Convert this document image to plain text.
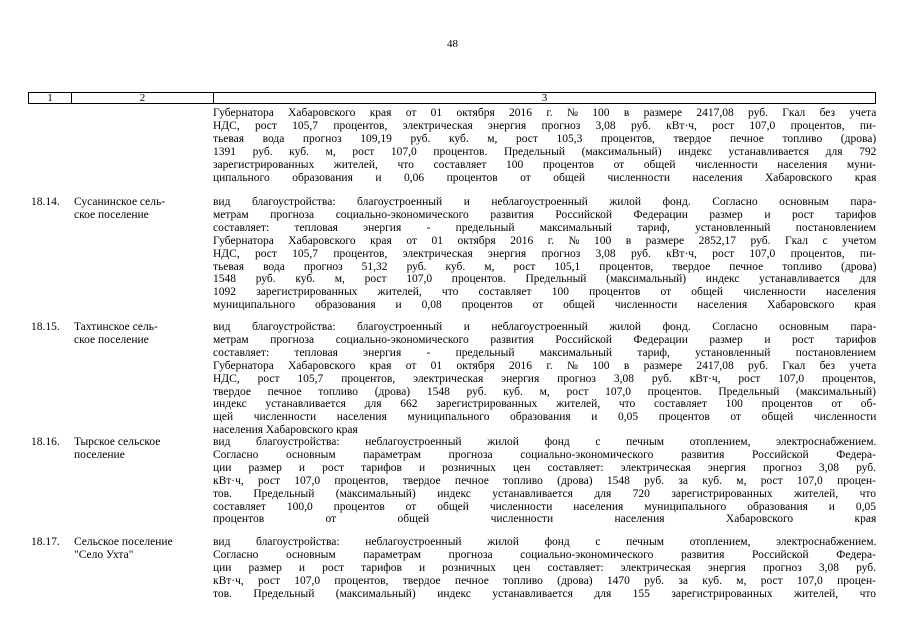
48
1	2	3
Губернатора Хабаровского края от 01 октября 2016 г. № 100 в размере 2417,08 руб. Гкал без учета
НДС, рост 105,7 процентов, электрическая энергия прогноз 3,08 руб. кВт·ч, рост 107,0 процентов, пи-
тьевая вода прогноз 109,19 руб. куб. м, рост 105,3 процентов, твердое печное топливо (дрова)
1391 руб. куб. м, рост 107,0 процентов. Предельный (максимальный) индекс устанавливается для 792
зарегистрированных жителей, что составляет 100 процентов от общей численности населения муни-
ципального образования и 0,06 процентов от общей численности населения Хабаровского края
18.14. Сусанинское сель-
ское поселение
вид благоустройства: благоустроенный и неблагоустроенный жилой фонд. Согласно основным пара-
метрам прогноза социально-экономического развития Российской Федерации размер и рост тарифов
составляет: тепловая энергия - предельный максимальный тариф, установленный постановлением
Губернатора Хабаровского края от 01 октября 2016 г. № 100 в размере 2852,17 руб. Гкал с учетом
НДС, рост 105,7 процентов, электрическая энергия прогноз 3,08 руб. кВт·ч, рост 107,0 процентов, пи-
тьевая вода прогноз 51,32 руб. куб. м, рост 105,1 процентов, твердое печное топливо (дрова)
1548 руб. куб. м, рост 107,0 процентов. Предельный (максимальный) индекс устанавливается для
1092 зарегистрированных жителей, что составляет 100 процентов от общей численности населения
муниципального образования и 0,08 процентов от общей численности населения Хабаровского края
18.15. Тахтинское сель-
ское поселение
вид благоустройства: благоустроенный и неблагоустроенный жилой фонд. Согласно основным пара-
метрам прогноза социально-экономического развития Российской Федерации размер и рост тарифов
составляет: тепловая энергия - предельный максимальный тариф, установленный постановлением
Губернатора Хабаровского края от 01 октября 2016 г. № 100 в размере 2417,08 руб. Гкал без учета
НДС, рост 105,7 процентов, электрическая энергия прогноз 3,08 руб. кВт·ч, рост 107,0 процентов,
твердое печное топливо (дрова) 1548 руб. куб. м, рост 107,0 процентов. Предельный (максимальный)
индекс устанавливается для 662 зарегистрированных жителей, что составляет 100 процентов от об-
щей численности населения муниципального образования и 0,05 процентов от общей численности
населения Хабаровского края
18.16. Тырское сельское
поселение
вид благоустройства: неблагоустроенный жилой фонд с печным отоплением, электроснабжением.
Согласно основным параметрам прогноза социально-экономического развития Российской Федера-
ции размер и рост тарифов и розничных цен составляет: электрическая энергия прогноз 3,08 руб.
кВт·ч, рост 107,0 процентов, твердое печное топливо (дрова) 1548 руб. за куб. м, рост 107,0 процен-
тов. Предельный (максимальный) индекс устанавливается для 720 зарегистрированных жителей, что
составляет 100,0 процентов от общей численности населения муниципального образования и 0,05
процентов от общей численности населения Хабаровского края
18.17. Сельское поселение
"Село Ухта"
вид благоустройства: неблагоустроенный жилой фонд с печным отоплением, электроснабжением.
Согласно основным параметрам прогноза социально-экономического развития Российской Федера-
ции размер и рост тарифов и розничных цен составляет: электрическая энергия прогноз 3,08 руб.
кВт·ч, рост 107,0 процентов, твердое печное топливо (дрова) 1470 руб. за куб. м, рост 107,0 процен-
тов. Предельный (максимальный) индекс устанавливается для 155 зарегистрированных жителей, что
